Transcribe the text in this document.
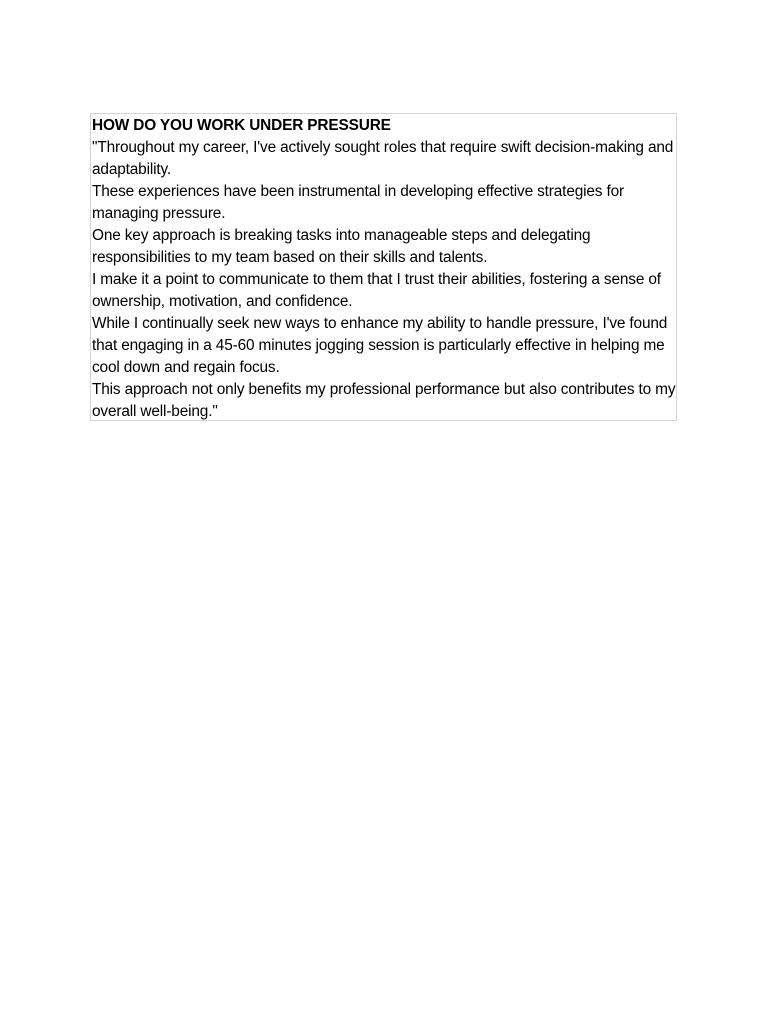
HOW DO YOU WORK UNDER PRESSURE

"Throughout my career, I've actively sought roles that require swift decision-making and adaptability.

These experiences have been instrumental in developing effective strategies for managing pressure.

One key approach is breaking tasks into manageable steps and delegating responsibilities to my team based on their skills and talents.

I make it a point to communicate to them that I trust their abilities, fostering a sense of ownership, motivation, and confidence.

While I continually seek new ways to enhance my ability to handle pressure, I've found that engaging in a 45-60 minutes jogging session is particularly effective in helping me cool down and regain focus.

This approach not only benefits my professional performance but also contributes to my overall well-being."
